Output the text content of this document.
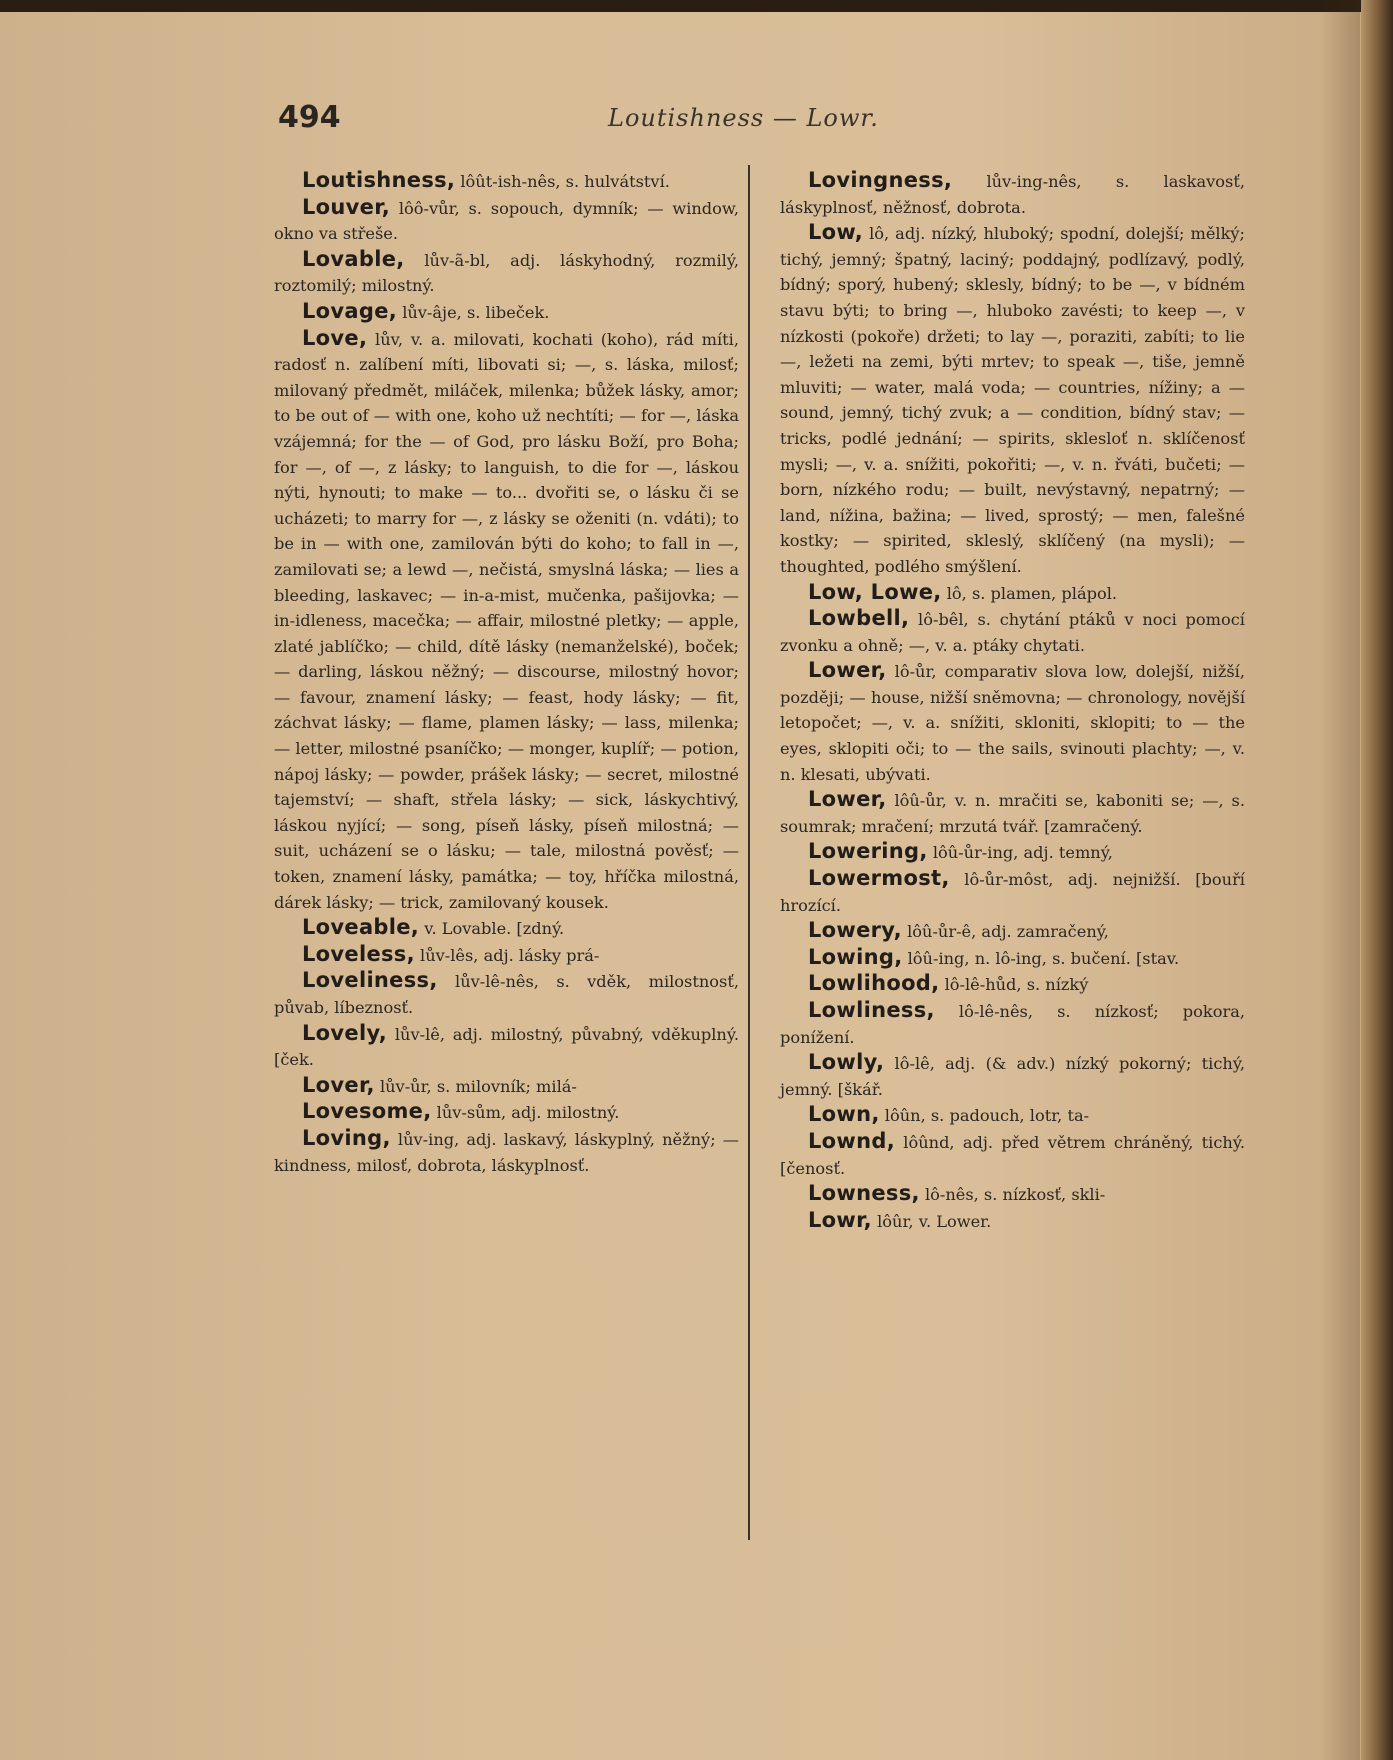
494	Loutishness — Lowr.

Loutishness, lôût-ish-nês, s. hulvátství.

Louver, lôô-vůr, s. sopouch, dymník; — window, okno va střeše.

Lovable, lův-ã-bl, adj. láskyhodný, rozmilý, roztomilý; milostný.

Lovage, lův-âje, s. libeček.

Love, lův, v. a. milovati, kochati (koho), rád míti, radosť n. zalíbení míti, libovati si; —, s. láska, milosť; milovaný předmět, miláček, milenka; bůžek lásky, amor; to be out of — with one, koho už nechtíti; — for —, láska vzájemná; for the — of God, pro lásku Boží, pro Boha; for —, of —, z lásky; to languish, to die for —, láskou nýti, hynouti; to make — to... dvořiti se, o lásku či se ucházeti; to marry for —, z lásky se oženiti (n. vdáti); to be in — with one, zamilován býti do koho; to fall in —, zamilovati se; a lewd —, nečistá, smyslná láska; — lies a bleeding, laskavec; — in-a-mist, mučenka, pašijovka; — in-idleness, macečka; — affair, milostné pletky; — apple, zlaté jablíčko; — child, dítě lásky (nemanželské), boček; — darling, láskou něžný; — discourse, milostný hovor; — favour, znamení lásky; — feast, hody lásky; — fit, záchvat lásky; — flame, plamen lásky; — lass, milenka; — letter, milostné psaníčko; — monger, kuplíř; — potion, nápoj lásky; — powder, prášek lásky; — secret, milostné tajemství; — shaft, střela lásky; — sick, láskychtivý, láskou nyjící; — song, píseň lásky, píseň milostná; — suit, ucházení se o lásku; — tale, milostná pověsť; — token, znamení lásky, památka; — toy, hříčka milostná, dárek lásky; — trick, zamilovaný kousek.

Loveable, v. Lovable. [zdný.

Loveless, lův-lês, adj. lásky prá-

Loveliness, lův-lê-nês, s. vděk, milostnosť, půvab, líbeznosť.

Lovely, lův-lê, adj. milostný, půvabný, vděkuplný. [ček.

Lover, lův-ůr, s. milovník; milá-

Lovesome, lův-sům, adj. milostný.

Loving, lův-ing, adj. laskavý, láskyplný, něžný; — kindness, milosť, dobrota, láskyplnosť.

Lovingness, lův-ing-nês, s. laskavosť, láskyplnosť, něžnosť, dobrota.

Low, lô, adj. nízký, hluboký; spodní, dolejší; mělký; tichý, jemný; špatný, laciný; poddajný, podlízavý, podlý, bídný; sporý, hubený; sklesly, bídný; to be —, v bídném stavu býti; to bring —, hluboko zavésti; to keep —, v nízkosti (pokoře) držeti; to lay —, poraziti, zabíti; to lie —, ležeti na zemi, býti mrtev; to speak —, tiše, jemně mluviti; — water, malá voda; — countries, nížiny; a — sound, jemný, tichý zvuk; a — condition, bídný stav; — tricks, podlé jednání; — spirits, sklesloť n. sklíčenosť mysli; —, v. a. snížiti, pokořiti; —, v. n. řváti, bučeti; — born, nízkého rodu; — built, nevýstavný, nepatrný; — land, nížina, bažina; — lived, sprostý; — men, falešné kostky; — spirited, skleslý, sklíčený (na mysli); — thoughted, podlého smýšlení.

Low, Lowe, lô, s. plamen, plápol.

Lowbell, lô-bêl, s. chytání ptáků v noci pomocí zvonku a ohně; —, v. a. ptáky chytati.

Lower, lô-ůr, comparativ slova low, dolejší, nižší, později; — house, nižší sněmovna; — chronology, novější letopočet; —, v. a. snížiti, skloniti, sklopiti; to — the eyes, sklopiti oči; to — the sails, svinouti plachty; —, v. n. klesati, ubývati.

Lower, lôû-ůr, v. n. mračiti se, kaboniti se; —, s. soumrak; mračení; mrzutá tvář. [zamračený.

Lowering, lôû-ůr-ing, adj. temný,

Lowermost, lô-ůr-môst, adj. nejnižší. [bouří hrozící.

Lowery, lôû-ůr-ê, adj. zamračený,

Lowing, lôû-ing, n. lô-ing, s. bučení. [stav.

Lowlihood, lô-lê-hůd, s. nízký

Lowliness, lô-lê-nês, s. nízkosť; pokora, ponížení.

Lowly, lô-lê, adj. (& adv.) nízký pokorný; tichý, jemný. [škář.

Lown, lôûn, s. padouch, lotr, ta-

Lownd, lôûnd, adj. před větrem chráněný, tichý. [čenosť.

Lowness, lô-nês, s. nízkosť, skli-

Lowr, lôûr, v. Lower.
